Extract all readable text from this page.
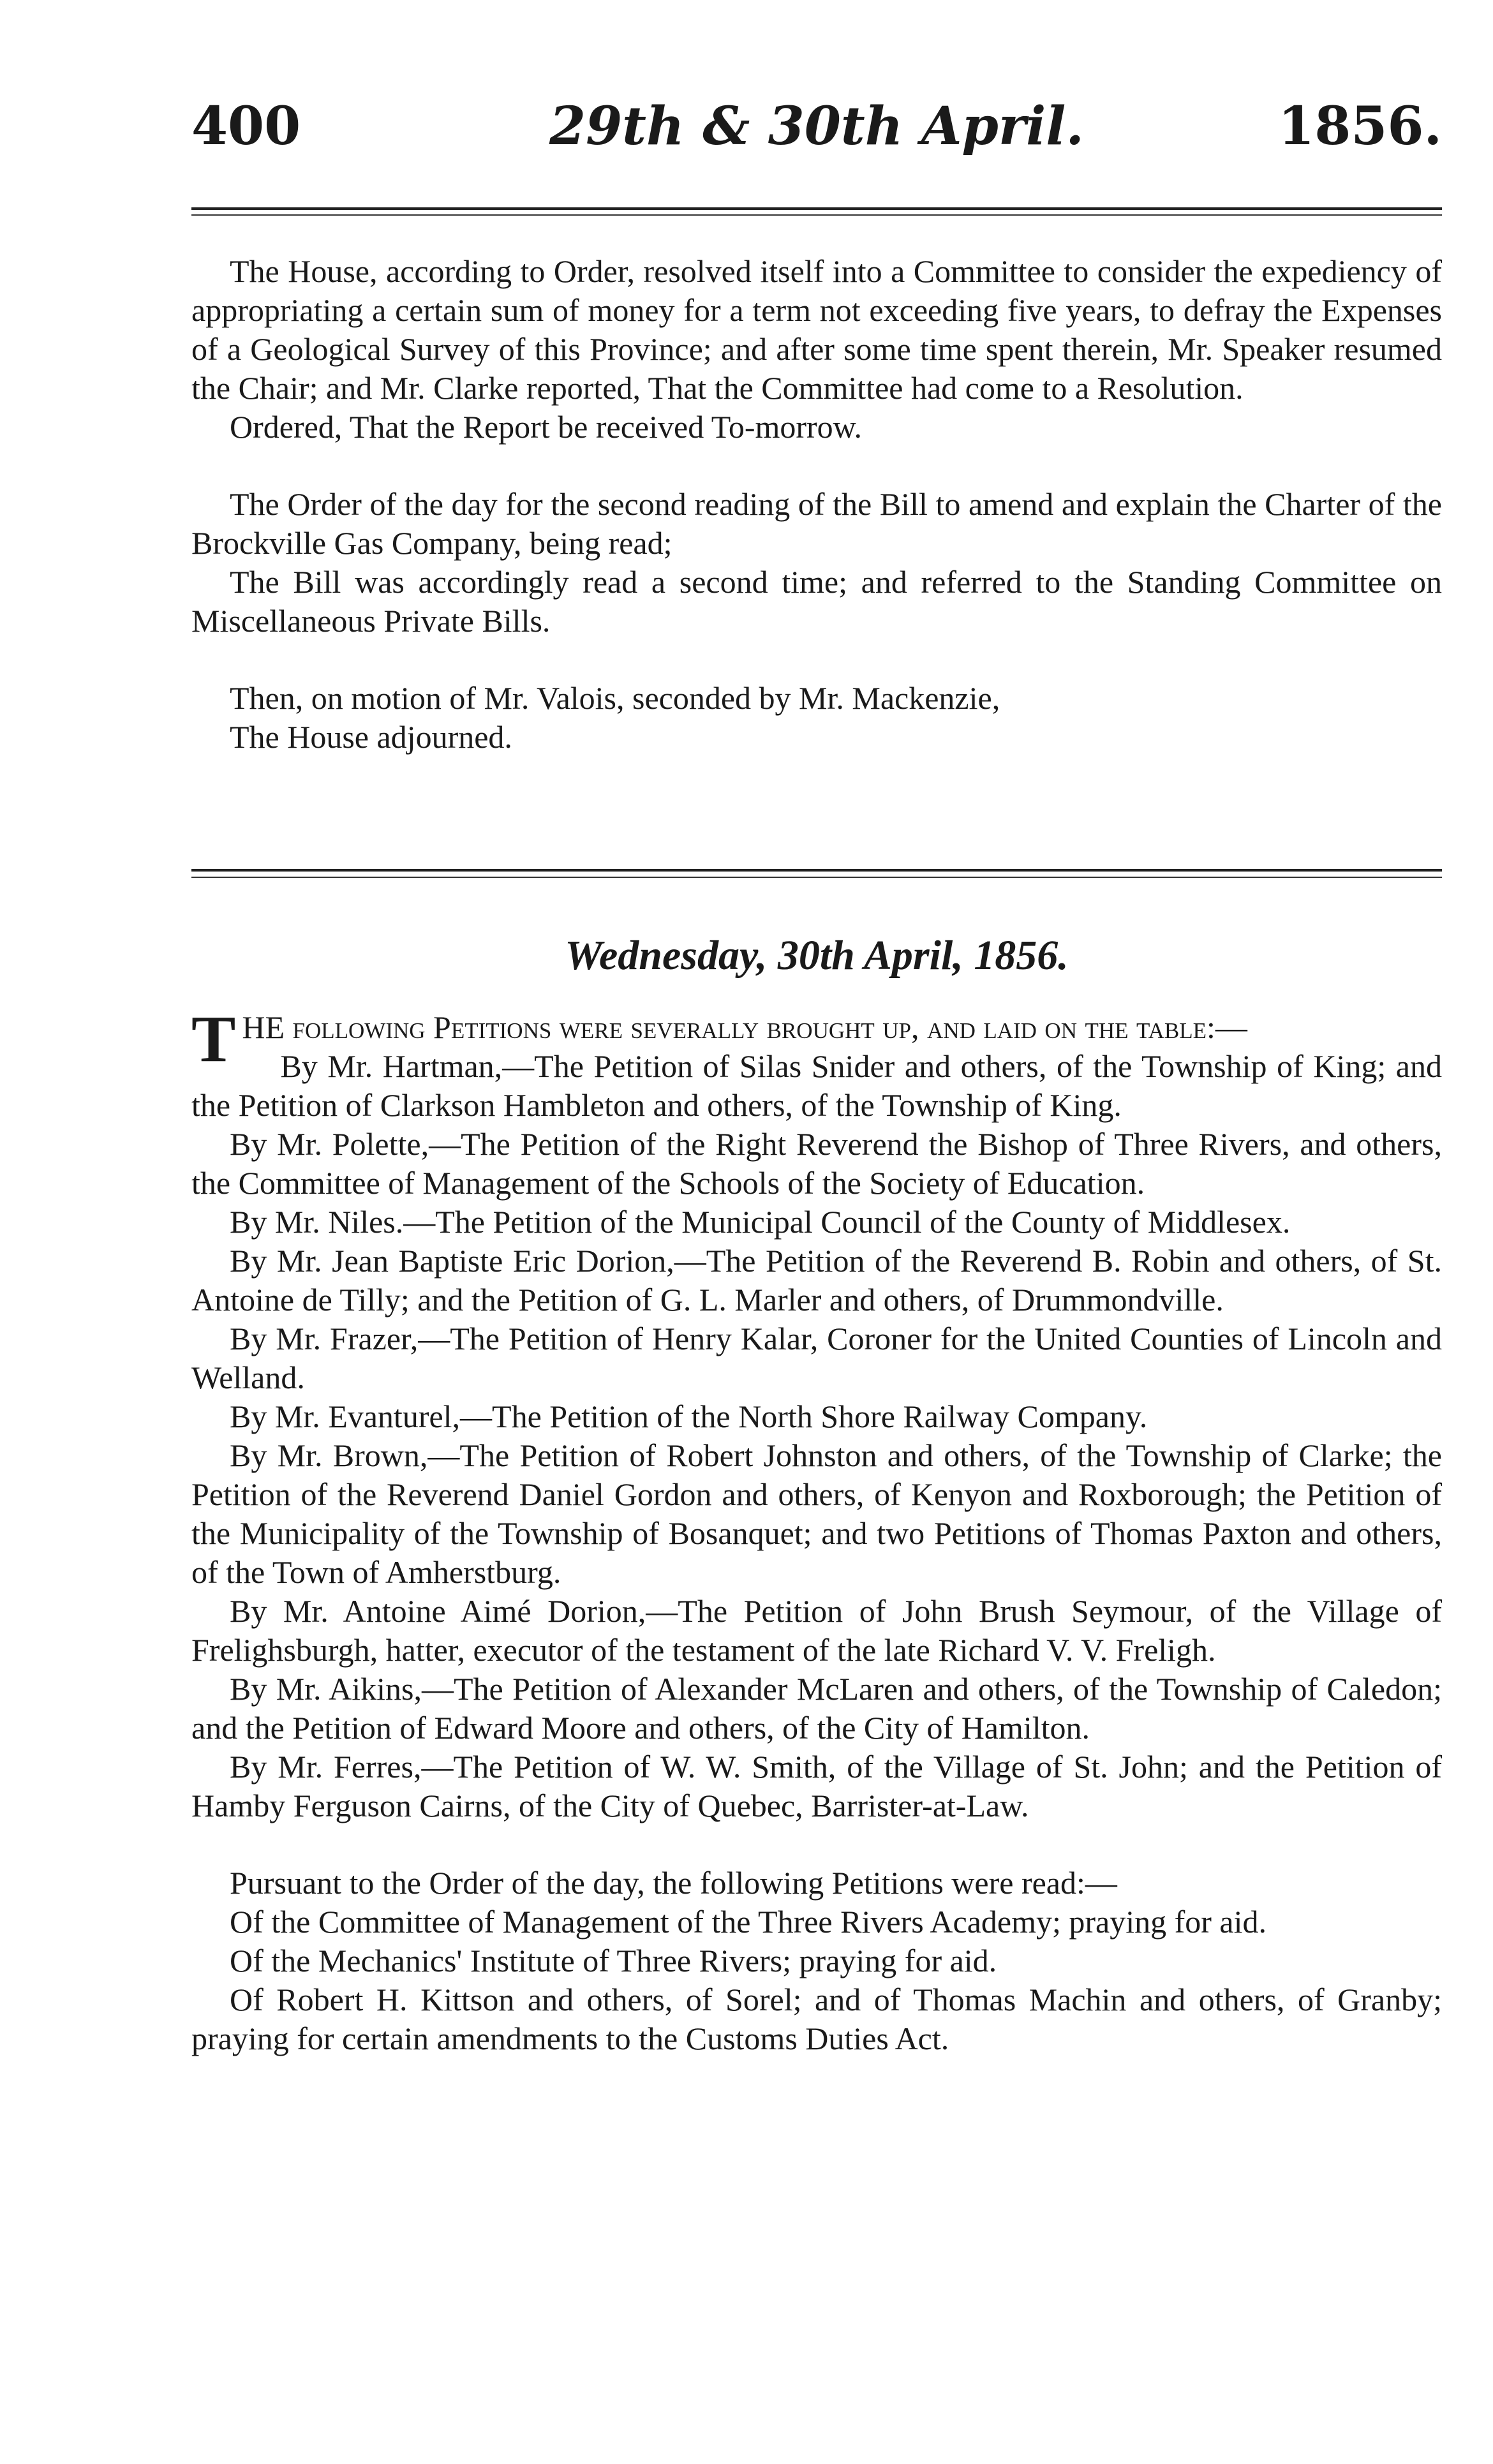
400	29th & 30th April.	1856.

The House, according to Order, resolved itself into a Committee to consider the expediency of appropriating a certain sum of money for a term not exceeding five years, to defray the Expenses of a Geological Survey of this Province; and after some time spent therein, Mr. Speaker resumed the Chair; and Mr. Clarke reported, That the Committee had come to a Resolution.

Ordered, That the Report be received To-morrow.

The Order of the day for the second reading of the Bill to amend and explain the Charter of the Brockville Gas Company, being read;

The Bill was accordingly read a second time; and referred to the Standing Committee on Miscellaneous Private Bills.

Then, on motion of Mr. Valois, seconded by Mr. Mackenzie,

The House adjourned.

Wednesday, 30th April, 1856.

THE following Petitions were severally brought up, and laid on the table:—

By Mr. Hartman,—The Petition of Silas Snider and others, of the Township of King; and the Petition of Clarkson Hambleton and others, of the Township of King.

By Mr. Polette,—The Petition of the Right Reverend the Bishop of Three Rivers, and others, the Committee of Management of the Schools of the Society of Education.

By Mr. Niles.—The Petition of the Municipal Council of the County of Middlesex.

By Mr. Jean Baptiste Eric Dorion,—The Petition of the Reverend B. Robin and others, of St. Antoine de Tilly; and the Petition of G. L. Marler and others, of Drummondville.

By Mr. Frazer,—The Petition of Henry Kalar, Coroner for the United Counties of Lincoln and Welland.

By Mr. Evanturel,—The Petition of the North Shore Railway Company.

By Mr. Brown,—The Petition of Robert Johnston and others, of the Township of Clarke; the Petition of the Reverend Daniel Gordon and others, of Kenyon and Roxborough; the Petition of the Municipality of the Township of Bosanquet; and two Petitions of Thomas Paxton and others, of the Town of Amherstburg.

By Mr. Antoine Aimé Dorion,—The Petition of John Brush Seymour, of the Village of Frelighsburgh, hatter, executor of the testament of the late Richard V. V. Freligh.

By Mr. Aikins,—The Petition of Alexander McLaren and others, of the Township of Caledon; and the Petition of Edward Moore and others, of the City of Hamilton.

By Mr. Ferres,—The Petition of W. W. Smith, of the Village of St. John; and the Petition of Hamby Ferguson Cairns, of the City of Quebec, Barrister-at-Law.

Pursuant to the Order of the day, the following Petitions were read:—

Of the Committee of Management of the Three Rivers Academy; praying for aid.

Of the Mechanics' Institute of Three Rivers; praying for aid.

Of Robert H. Kittson and others, of Sorel; and of Thomas Machin and others, of Granby; praying for certain amendments to the Customs Duties Act.
